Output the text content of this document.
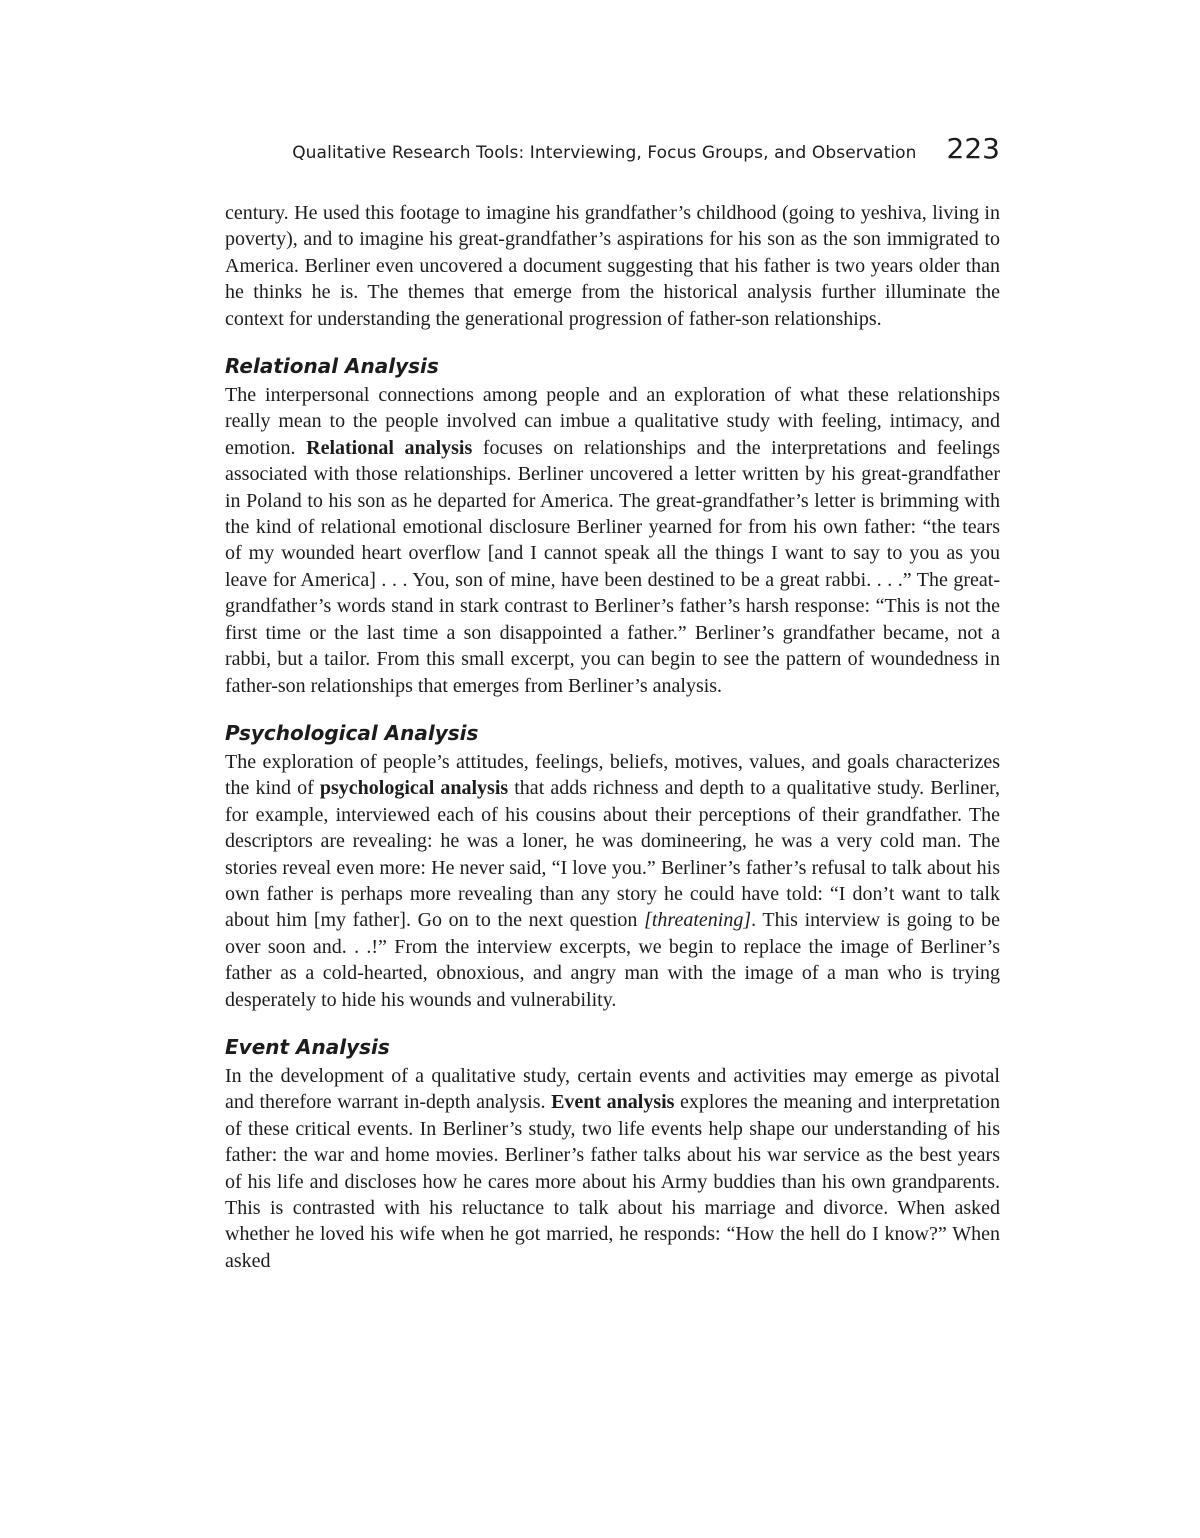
Qualitative Research Tools: Interviewing, Focus Groups, and Observation 223

century. He used this footage to imagine his grandfather’s childhood (going to yeshiva, living in poverty), and to imagine his great-grandfather’s aspirations for his son as the son immigrated to America. Berliner even uncovered a document suggesting that his father is two years older than he thinks he is. The themes that emerge from the historical analysis further illuminate the context for understanding the generational progression of father-son relationships.

Relational Analysis

The interpersonal connections among people and an exploration of what these relationships really mean to the people involved can imbue a qualitative study with feeling, intimacy, and emotion. Relational analysis focuses on relationships and the interpretations and feelings associated with those relationships. Berliner uncovered a letter written by his great-grandfather in Poland to his son as he departed for America. The great-grandfather’s letter is brimming with the kind of relational emotional disclosure Berliner yearned for from his own father: “the tears of my wounded heart overflow [and I cannot speak all the things I want to say to you as you leave for America] . . . You, son of mine, have been destined to be a great rabbi. . . .” The great-grandfather’s words stand in stark contrast to Berliner’s father’s harsh response: “This is not the first time or the last time a son disappointed a father.” Berliner’s grandfather became, not a rabbi, but a tailor. From this small excerpt, you can begin to see the pattern of woundedness in father-son relationships that emerges from Berliner’s analysis.

Psychological Analysis

The exploration of people’s attitudes, feelings, beliefs, motives, values, and goals characterizes the kind of psychological analysis that adds richness and depth to a qualitative study. Berliner, for example, interviewed each of his cousins about their perceptions of their grandfather. The descriptors are revealing: he was a loner, he was domineering, he was a very cold man. The stories reveal even more: He never said, “I love you.” Berliner’s father’s refusal to talk about his own father is perhaps more revealing than any story he could have told: “I don’t want to talk about him [my father]. Go on to the next question [threatening]. This interview is going to be over soon and. . .!” From the interview excerpts, we begin to replace the image of Berliner’s father as a cold-hearted, obnoxious, and angry man with the image of a man who is trying desperately to hide his wounds and vulnerability.

Event Analysis

In the development of a qualitative study, certain events and activities may emerge as pivotal and therefore warrant in-depth analysis. Event analysis explores the meaning and interpretation of these critical events. In Berliner’s study, two life events help shape our understanding of his father: the war and home movies. Berliner’s father talks about his war service as the best years of his life and discloses how he cares more about his Army buddies than his own grandparents. This is contrasted with his reluctance to talk about his marriage and divorce. When asked whether he loved his wife when he got married, he responds: “How the hell do I know?” When asked
